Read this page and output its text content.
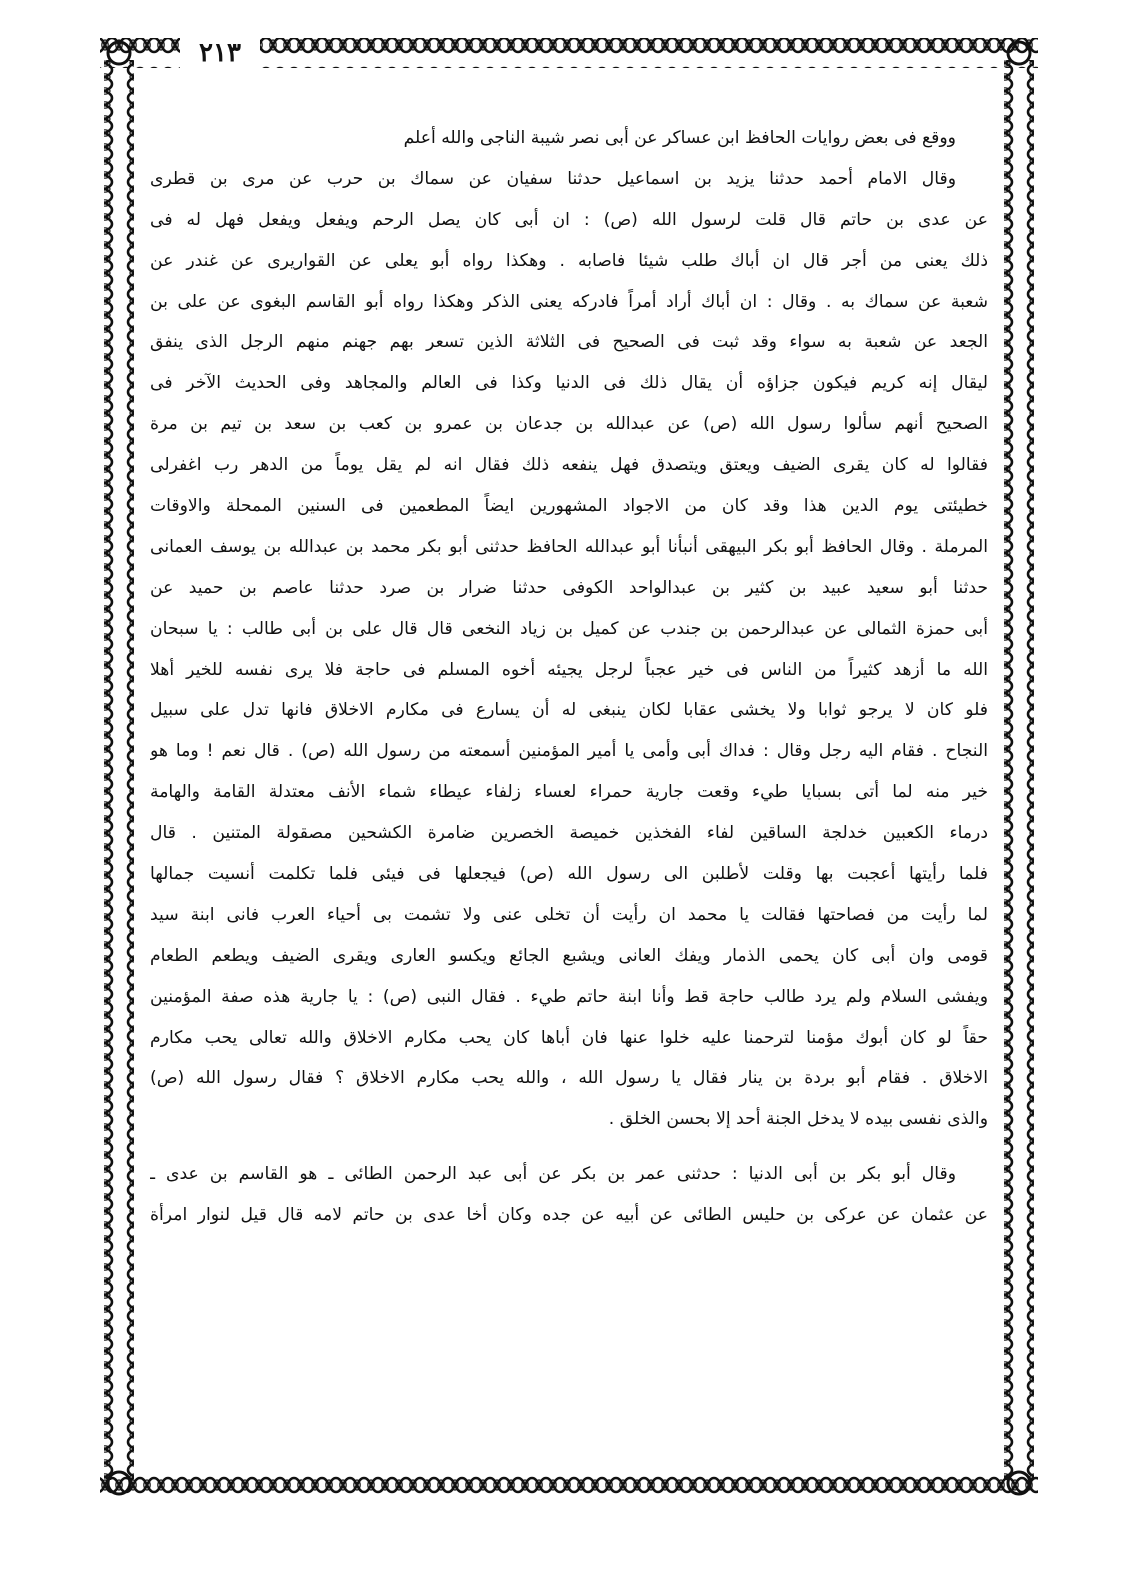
٢١٣
ووقع فى بعض روايات الحافظ ابن عساكر عن أبى نصر شيبة الناجى والله أعلم
وقال الامام أحمد حدثنا يزيد بن اسماعيل حدثنا سفيان عن سماك بن حرب عن مرى بن قطرى
عن عدى بن حاتم قال قلت لرسول الله (ص) : ان أبى كان يصل الرحم ويفعل ويفعل فهل له فى
ذلك يعنى من أجر قال ان أباك طلب شيئا فاصابه . وهكذا رواه أبو يعلى عن القواريرى عن غندر عن
شعبة عن سماك به . وقال : ان أباك أراد أمراً فادركه يعنى الذكر وهكذا رواه أبو القاسم البغوى عن على بن
الجعد عن شعبة به سواء وقد ثبت فى الصحيح فى الثلاثة الذين تسعر بهم جهنم منهم الرجل الذى ينفق
ليقال إنه كريم فيكون جزاؤه أن يقال ذلك فى الدنيا وكذا فى العالم والمجاهد وفى الحديث الآخر فى
الصحيح أنهم سألوا رسول الله (ص) عن عبدالله بن جدعان بن عمرو بن كعب بن سعد بن تيم بن مرة
فقالوا له كان يقرى الضيف ويعتق ويتصدق فهل ينفعه ذلك فقال انه لم يقل يوماً من الدهر رب اغفرلى
خطيئتى يوم الدين هذا وقد كان من الاجواد المشهورين ايضاً المطعمين فى السنين الممحلة والاوقات
المرملة . وقال الحافظ أبو بكر البيهقى أنبأنا أبو عبدالله الحافظ حدثنى أبو بكر محمد بن عبدالله بن يوسف العمانى
حدثنا أبو سعيد عبيد بن كثير بن عبدالواحد الكوفى حدثنا ضرار بن صرد حدثنا عاصم بن حميد عن
أبى حمزة الثمالى عن عبدالرحمن بن جندب عن كميل بن زياد النخعى قال قال على بن أبى طالب : يا سبحان
الله ما أزهد كثيراً من الناس فى خير عجباً لرجل يجيئه أخوه المسلم فى حاجة فلا يرى نفسه للخير أهلا
فلو كان لا يرجو ثوابا ولا يخشى عقابا لكان ينبغى له أن يسارع فى مكارم الاخلاق فانها تدل على سبيل
النجاح . فقام اليه رجل وقال : فداك أبى وأمى يا أمير المؤمنين أسمعته من رسول الله (ص) . قال نعم ! وما هو
خير منه لما أتى بسبايا طيء وقعت جارية حمراء لعساء زلفاء عيطاء شماء الأنف معتدلة القامة والهامة
درماء الكعبين خدلجة الساقين لفاء الفخذين خميصة الخصرين ضامرة الكشحين مصقولة المتنين . قال
فلما رأيتها أعجبت بها وقلت لأطلبن الى رسول الله (ص) فيجعلها فى فيئى فلما تكلمت أنسيت جمالها
لما رأيت من فصاحتها فقالت يا محمد ان رأيت أن تخلى عنى ولا تشمت بى أحياء العرب فانى ابنة سيد
قومى وان أبى كان يحمى الذمار ويفك العانى ويشبع الجائع ويكسو العارى ويقرى الضيف ويطعم الطعام
ويفشى السلام ولم يرد طالب حاجة قط وأنا ابنة حاتم طيء . فقال النبى (ص) : يا جارية هذه صفة المؤمنين
حقاً لو كان أبوك مؤمنا لترحمنا عليه خلوا عنها فان أباها كان يحب مكارم الاخلاق والله تعالى يحب مكارم
الاخلاق . فقام أبو بردة بن ينار فقال يا رسول الله ، والله يحب مكارم الاخلاق ؟ فقال رسول الله (ص)
والذى نفسى بيده لا يدخل الجنة أحد إلا بحسن الخلق .
وقال أبو بكر بن أبى الدنيا : حدثنى عمر بن بكر عن أبى عبد الرحمن الطائى ـ هو القاسم بن عدى ـ
عن عثمان عن عركى بن حليس الطائى عن أبيه عن جده وكان أخا عدى بن حاتم لامه قال قيل لنوار امرأة
